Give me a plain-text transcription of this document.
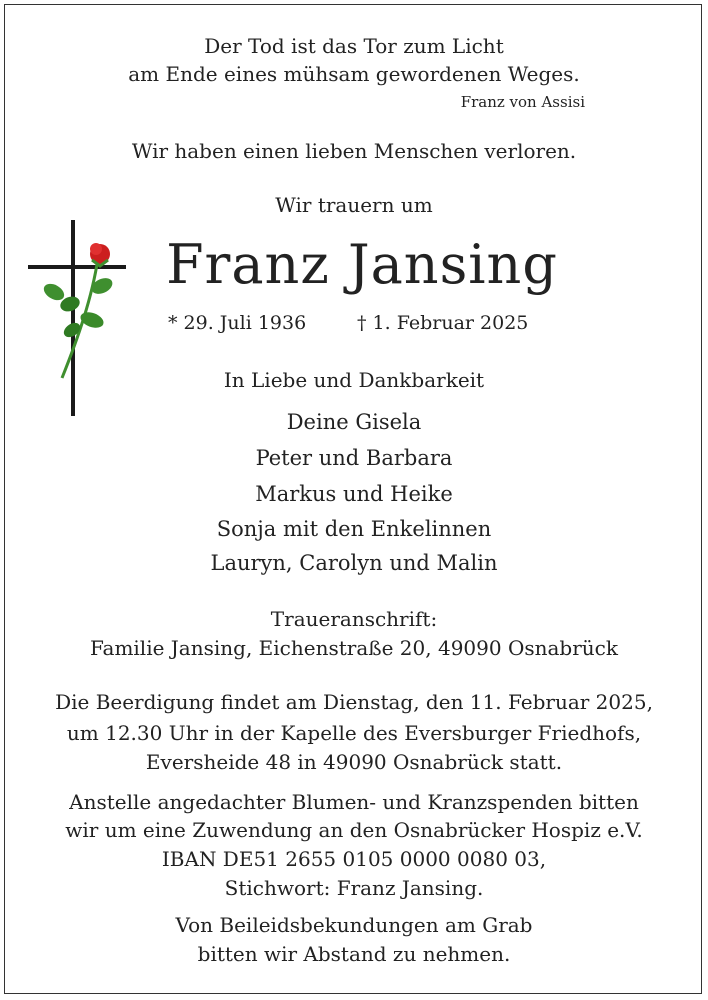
Der Tod ist das Tor zum Licht
am Ende eines mühsam gewordenen Weges.
Franz von Assisi
Wir haben einen lieben Menschen verloren.
Wir trauern um
Franz Jansing
* 29. Juli 1936	† 1. Februar 2025
In Liebe und Dankbarkeit
Deine Gisela
Peter und Barbara
Markus und Heike
Sonja mit den Enkelinnen
Lauryn, Carolyn und Malin
Traueranschrift:
Familie Jansing, Eichenstraße 20, 49090 Osnabrück
Die Beerdigung findet am Dienstag, den 11. Februar 2025,
um 12.30 Uhr in der Kapelle des Eversburger Friedhofs,
Eversheide 48 in 49090 Osnabrück statt.
Anstelle angedachter Blumen- und Kranzspenden bitten
wir um eine Zuwendung an den Osnabrücker Hospiz e.V.
IBAN DE51 2655 0105 0000 0080 03,
Stichwort: Franz Jansing.
Von Beileidsbekundungen am Grab
bitten wir Abstand zu nehmen.
